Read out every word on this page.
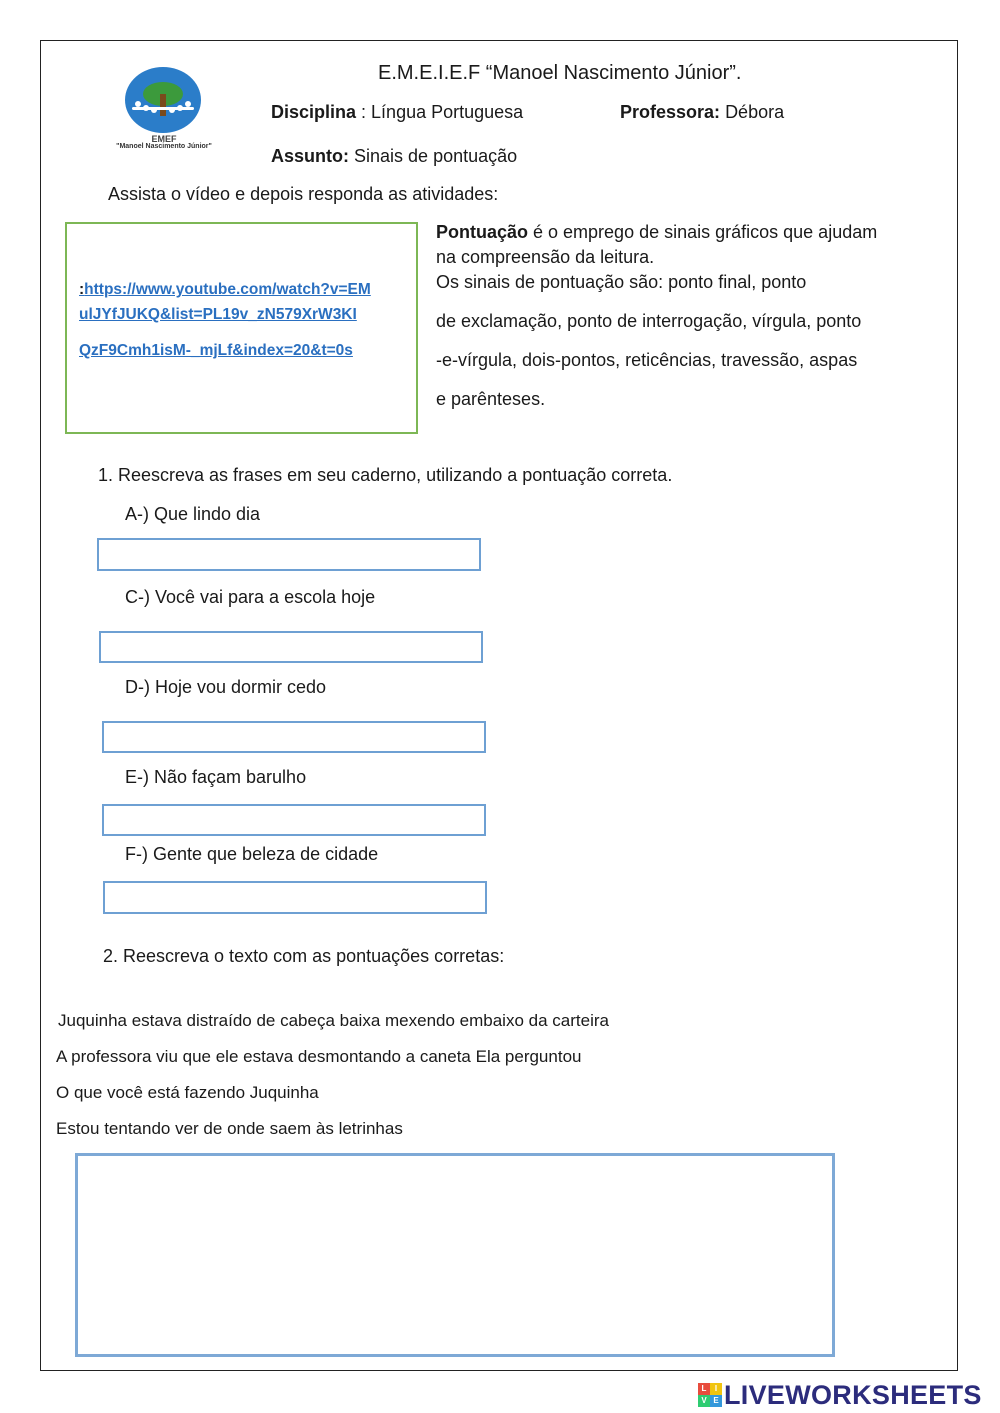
EMEF
"Manoel Nascimento Júnior"
E.M.E.I.E.F “Manoel Nascimento Júnior”.
Disciplina : Língua Portuguesa	Professora: Débora
Assunto: Sinais de pontuação
Assista o vídeo e depois responda as atividades:
:https://www.youtube.com/watch?v=EM
ulJYfJUKQ&list=PL19v_zN579XrW3KI
QzF9Cmh1isM-_mjLf&index=20&t=0s
Pontuação é o emprego de sinais gráficos que ajudam
na compreensão da leitura.
Os sinais de pontuação são: ponto final, ponto
de exclamação, ponto de interrogação, vírgula, ponto
-e-vírgula, dois-pontos, reticências, travessão, aspas
e parênteses.
1. Reescreva as frases em seu caderno, utilizando a pontuação correta.
A-) Que lindo dia
C-) Você vai para a escola hoje
D-) Hoje vou dormir cedo
E-) Não façam barulho
F-) Gente que beleza de cidade
2. Reescreva o texto com as pontuações corretas:
Juquinha estava distraído de cabeça baixa mexendo embaixo da carteira
A professora viu que ele estava desmontando a caneta Ela perguntou
O que você está fazendo Juquinha
Estou tentando ver de onde saem às letrinhas
L	I
V E LIVEWORKSHEETS
